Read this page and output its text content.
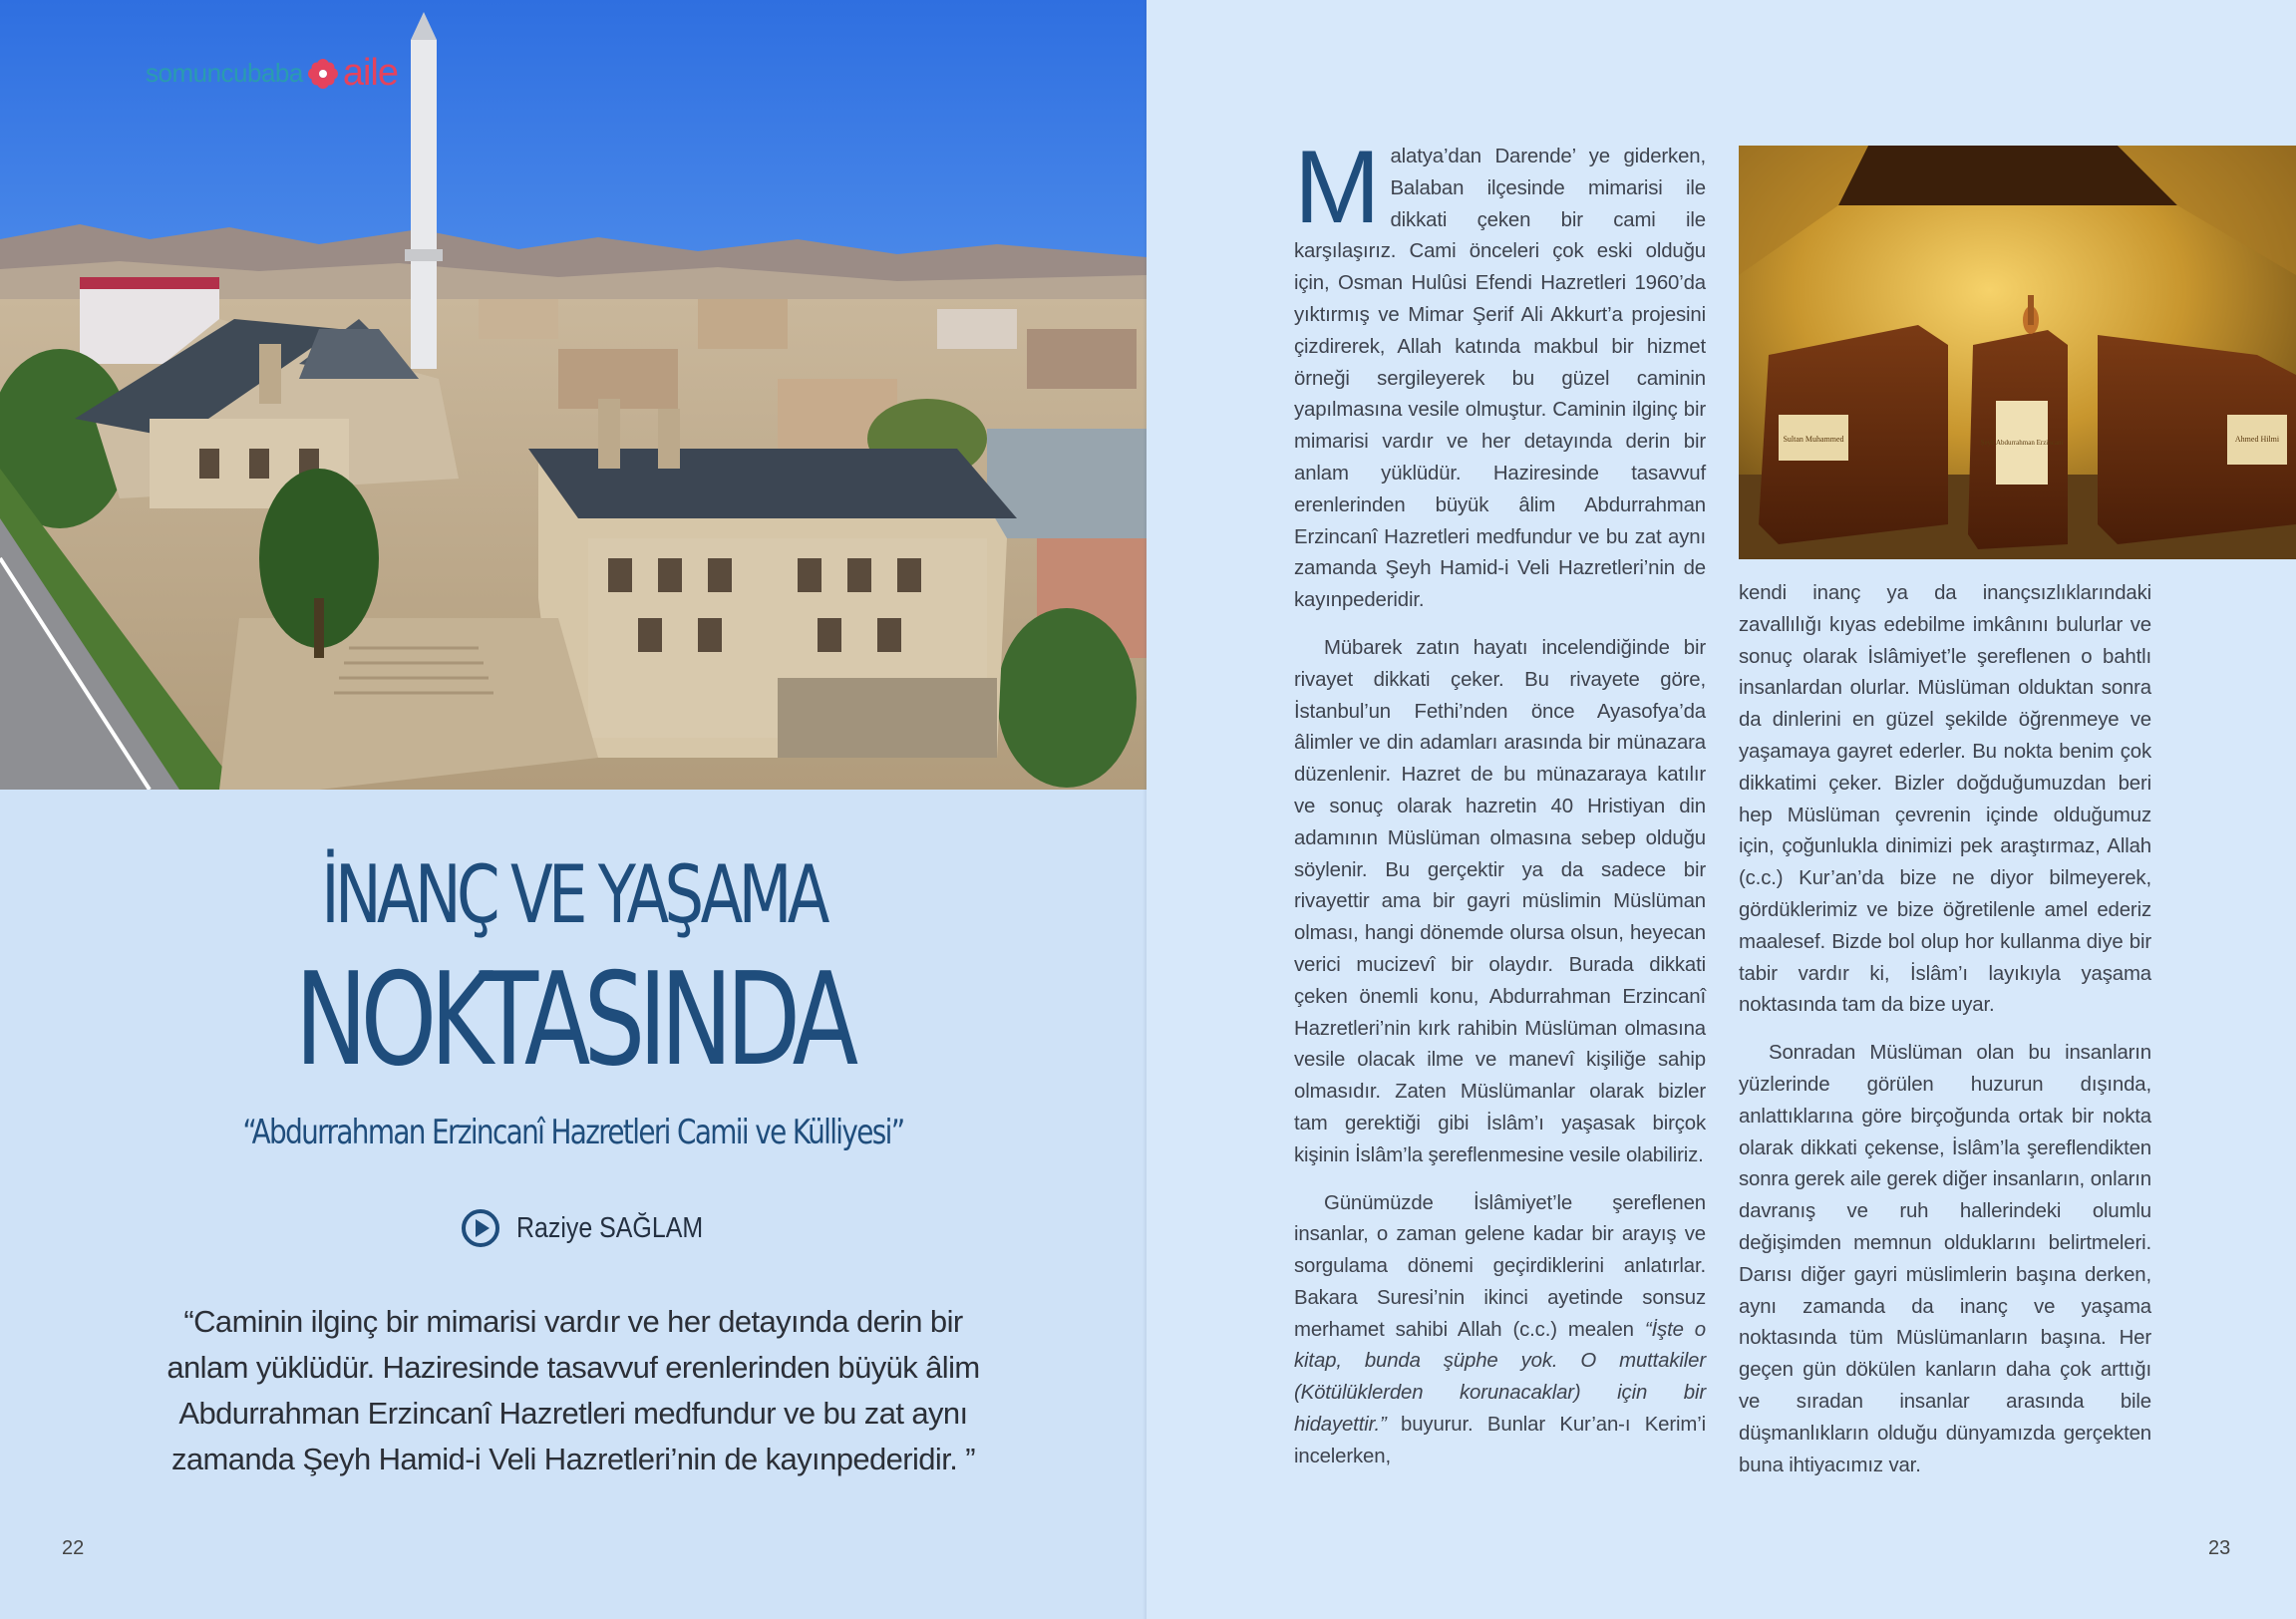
somuncubaba aile
İNANÇ VE YAŞAMA
NOKTASINDA
“Abdurrahman Erzincanî Hazretleri Camii ve Külliyesi”
Raziye SAĞLAM
“Caminin ilginç bir mimarisi vardır ve her detayında derin bir anlam yüklüdür. Haziresinde tasavvuf erenlerinden büyük âlim Abdurrahman Erzincanî Hazretleri medfundur ve bu zat aynı zamanda Şeyh Hamid-i Veli Hazretleri’nin de kayınpederidir. ”
22

Malatya’dan Darende’ ye giderken, Balaban ilçesinde mimarisi ile dikkati çeken bir cami ile karşılaşırız. Cami önceleri çok eski olduğu için, Osman Hulûsi Efendi Hazretleri 1960’da yıktırmış ve Mimar Şerif Ali Akkurt’a projesini çizdirerek, Allah katında makbul bir hizmet örneği sergileyerek bu güzel caminin yapılmasına vesile olmuştur. Caminin ilginç bir mimarisi vardır ve her detayında derin bir anlam yüklüdür. Haziresinde tasavvuf erenlerinden büyük âlim Abdurrahman Erzincanî Hazretleri medfundur ve bu zat aynı zamanda Şeyh Hamid-i Veli Hazretleri’nin de kayınpederidir.

Mübarek zatın hayatı incelendiğinde bir rivayet dikkati çeker. Bu rivayete göre, İstanbul’un Fethi’nden önce Ayasofya’da âlimler ve din adamları arasında bir münazara düzenlenir. Hazret de bu münazaraya katılır ve sonuç olarak hazretin 40 Hristiyan din adamının Müslüman olmasına sebep olduğu söylenir. Bu gerçektir ya da sadece bir rivayettir ama bir gayri müslimin Müslüman olması, hangi dönemde olursa olsun, heyecan verici mucizevî bir olaydır. Burada dikkati çeken önemli konu, Abdurrahman Erzincanî Hazretleri’nin kırk rahibin Müslüman olmasına vesile olacak ilme ve manevî kişiliğe sahip olmasıdır. Zaten Müslümanlar olarak bizler tam gerektiği gibi İslâm’ı yaşasak birçok kişinin İslâm’la şereflenmesine vesile olabiliriz.

Günümüzde İslâmiyet’le şereflenen insanlar, o zaman gelene kadar bir arayış ve sorgulama dönemi geçirdiklerini anlatırlar. Bakara Suresi’nin ikinci ayetinde sonsuz merhamet sahibi Allah (c.c.) mealen “İşte o kitap, bunda şüphe yok. O muttakiler (Kötülüklerden korunacaklar) için bir hidayettir.” buyurur. Bunlar Kur’an-ı Kerim’i incelerken,

Sultan Muhammed	Şeyh Abdurrahman Erzincani	Ahmed Hilmi

kendi inanç ya da inançsızlıklarındaki zavallılığı kıyas edebilme imkânını bulurlar ve sonuç olarak İslâmiyet’le şereflenen o bahtlı insanlardan olurlar. Müslüman olduktan sonra da dinlerini en güzel şekilde öğrenmeye ve yaşamaya gayret ederler. Bu nokta benim çok dikkatimi çeker. Bizler doğduğumuzdan beri hep Müslüman çevrenin içinde olduğumuz için, çoğunlukla dinimizi pek araştırmaz, Allah (c.c.) Kur’an’da bize ne diyor bilmeyerek, gördüklerimiz ve bize öğretilenle amel ederiz maalesef. Bizde bol olup hor kullanma diye bir tabir vardır ki, İslâm’ı layıkıyla yaşama noktasında tam da bize uyar.

Sonradan Müslüman olan bu insanların yüzlerinde görülen huzurun dışında, anlattıklarına göre birçoğunda ortak bir nokta olarak dikkati çekense, İslâm’la şereflendikten sonra gerek aile gerek diğer insanların, onların davranış ve ruh hallerindeki olumlu değişimden memnun olduklarını belirtmeleri. Darısı diğer gayri müslimlerin başına derken, aynı zamanda da inanç ve yaşama noktasında tüm Müslümanların başına. Her geçen gün dökülen kanların daha çok arttığı ve sıradan insanlar arasında bile düşmanlıkların olduğu dünyamızda gerçekten buna ihtiyacımız var.

23
